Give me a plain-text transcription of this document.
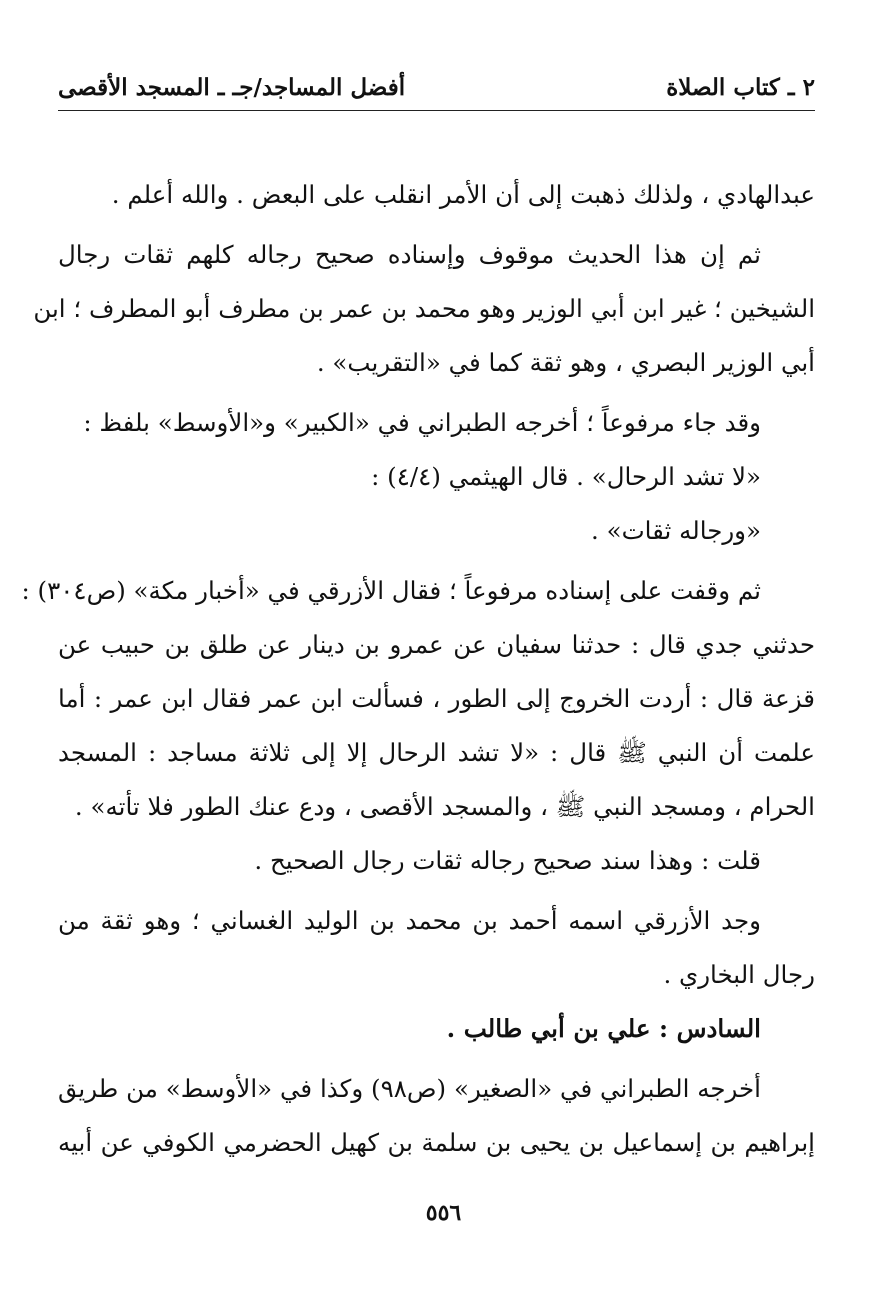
٢ ـ كتاب الصلاة
أفضل المساجد/جـ ـ المسجد الأقصى
عبدالهادي ، ولذلك ذهبت إلى أن الأمر انقلب على البعض . والله أعلم .
ثم إن هذا الحديث موقوف وإسناده صحيح رجاله كلهم ثقات رجال
الشيخين ؛ غير ابن أبي الوزير وهو محمد بن عمر بن مطرف أبو المطرف ؛ ابن
أبي الوزير البصري ، وهو ثقة كما في «التقريب» .
وقد جاء مرفوعاً ؛ أخرجه الطبراني في «الكبير» و«الأوسط» بلفظ :
«لا تشد الرحال» . قال الهيثمي (٤/٤) :
«ورجاله ثقات» .
ثم وقفت على إسناده مرفوعاً ؛ فقال الأزرقي في «أخبار مكة» (ص٣٠٤) :
حدثني جدي قال : حدثنا سفيان عن عمرو بن دينار عن طلق بن حبيب عن
قزعة قال : أردت الخروج إلى الطور ، فسألت ابن عمر فقال ابن عمر : أما
علمت أن النبي ﷺ قال : «لا تشد الرحال إلا إلى ثلاثة مساجد : المسجد
الحرام ، ومسجد النبي ﷺ ، والمسجد الأقصى ، ودع عنك الطور فلا تأته» .
قلت : وهذا سند صحيح رجاله ثقات رجال الصحيح .
وجد الأزرقي اسمه أحمد بن محمد بن الوليد الغساني ؛ وهو ثقة من
رجال البخاري .
السادس : علي بن أبي طالب .
أخرجه الطبراني في «الصغير» (ص٩٨) وكذا في «الأوسط» من طريق
إبراهيم بن إسماعيل بن يحيى بن سلمة بن كهيل الحضرمي الكوفي عن أبيه
٥٥٦
